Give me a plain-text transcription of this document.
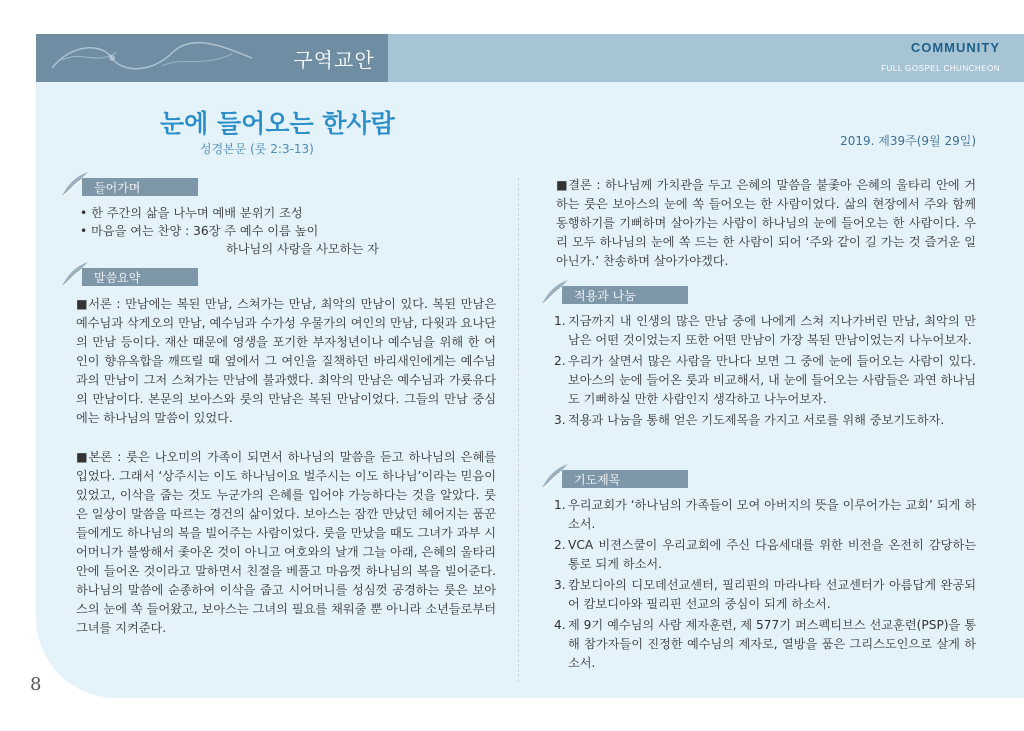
구역교안
COMMUNITY
FULL GOSPEL CHUNCHEON
눈에 들어오는 한사람
성경본문 (룻 2:3-13)
2019. 제39주(9월 29일)
들어가며
• 한 주간의 삶을 나누며 예배 분위기 조성
• 마음을 여는 찬양 : 36장 주 예수 이름 높이
하나님의 사랑을 사모하는 자
말씀요약
■서론 : 만남에는 복된 만남, 스쳐가는 만남, 최악의 만남이 있다. 복된 만남은 예수님과 삭게오의 만남, 예수님과 수가성 우물가의 여인의 만남, 다윗과 요나단의 만남 등이다. 재산 때문에 영생을 포기한 부자청년이나 예수님을 위해 한 여인이 향유옥합을 깨뜨릴 때 옆에서 그 여인을 질책하던 바리새인에게는 예수님과의 만남이 그저 스쳐가는 만남에 불과했다. 최악의 만남은 예수님과 가룟유다의 만남이다. 본문의 보아스와 룻의 만남은 복된 만남이었다. 그들의 만남 중심에는 하나님의 말씀이 있었다.
■본론 : 룻은 나오미의 가족이 되면서 하나님의 말씀을 듣고 하나님의 은혜를 입었다. 그래서 ‘상주시는 이도 하나님이요 벌주시는 이도 하나님’이라는 믿음이 있었고, 이삭을 줍는 것도 누군가의 은혜를 입어야 가능하다는 것을 알았다. 룻은 일상이 말씀을 따르는 경건의 삶이었다. 보아스는 잠깐 만났던 헤어지는 품꾼들에게도 하나님의 복을 빌어주는 사람이었다. 룻을 만났을 때도 그녀가 과부 시어머니가 불쌍해서 좇아온 것이 아니고 여호와의 날개 그늘 아래, 은혜의 울타리 안에 들어온 것이라고 말하면서 친절을 베풀고 마음껏 하나님의 복을 빌어준다. 하나님의 말씀에 순종하여 이삭을 줍고 시어머니를 성심껏 공경하는 룻은 보아스의 눈에 쏙 들어왔고, 보아스는 그녀의 필요를 채워줄 뿐 아니라 소년들로부터 그녀를 지켜준다.
■결론 : 하나님께 가치관을 두고 은혜의 말씀을 붙좇아 은혜의 울타리 안에 거하는 룻은 보아스의 눈에 쏙 들어오는 한 사람이었다. 삶의 현장에서 주와 함께 동행하기를 기뻐하며 살아가는 사람이 하나님의 눈에 들어오는 한 사람이다. 우리 모두 하나님의 눈에 쏙 드는 한 사람이 되어 ‘주와 같이 길 가는 것 즐거운 일 아닌가.’ 찬송하며 살아가야겠다.
적용과 나눔
1. 지금까지 내 인생의 많은 만남 중에 나에게 스쳐 지나가버린 만남, 최악의 만남은 어떤 것이었는지 또한 어떤 만남이 가장 복된 만남이었는지 나누어보자.
2. 우리가 살면서 많은 사람을 만나다 보면 그 중에 눈에 들어오는 사람이 있다. 보아스의 눈에 들어온 룻과 비교해서, 내 눈에 들어오는 사람들은 과연 하나님도 기뻐하실 만한 사람인지 생각하고 나누어보자.
3. 적용과 나눔을 통해 얻은 기도제목을 가지고 서로를 위해 중보기도하자.
기도제목
1. 우리교회가 ‘하나님의 가족들이 모여 아버지의 뜻을 이루어가는 교회’ 되게 하소서.
2. VCA 비젼스쿨이 우리교회에 주신 다음세대를 위한 비전을 온전히 감당하는 통로 되게 하소서.
3. 캄보디아의 디모데선교센터, 필리핀의 마라나타 선교센터가 아름답게 완공되어 캄보디아와 필리핀 선교의 중심이 되게 하소서.
4. 제 9기 예수님의 사람 제자훈련, 제 577기 퍼스펙티브스 선교훈련(PSP)을 통해 참가자들이 진정한 예수님의 제자로, 열방을 품은 그리스도인으로 살게 하소서.
8
